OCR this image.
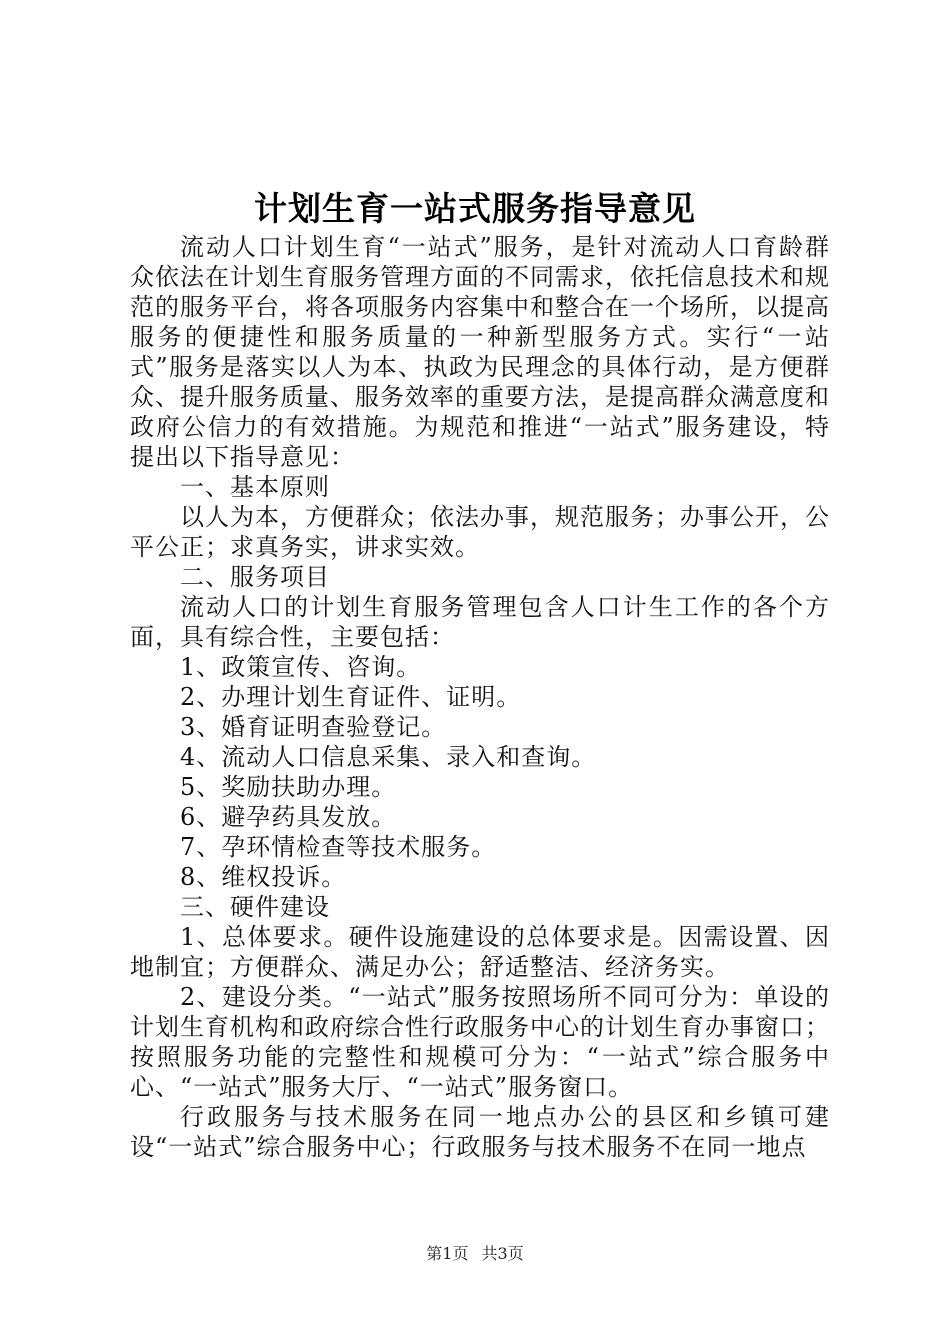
计划生育一站式服务指导意见

流动人口计划生育“一站式”服务，是针对流动人口育龄群众依法在计划生育服务管理方面的不同需求，依托信息技术和规范的服务平台，将各项服务内容集中和整合在一个场所，以提高服务的便捷性和服务质量的一种新型服务方式。实行“一站式”服务是落实以人为本、执政为民理念的具体行动，是方便群众、提升服务质量、服务效率的重要方法，是提高群众满意度和政府公信力的有效措施。为规范和推进“一站式”服务建设，特提出以下指导意见：

一、基本原则

以人为本，方便群众；依法办事，规范服务；办事公开，公平公正；求真务实，讲求实效。

二、服务项目

流动人口的计划生育服务管理包含人口计生工作的各个方面，具有综合性，主要包括：

1、政策宣传、咨询。

2、办理计划生育证件、证明。

3、婚育证明查验登记。

4、流动人口信息采集、录入和查询。

5、奖励扶助办理。

6、避孕药具发放。

7、孕环情检查等技术服务。

8、维权投诉。

三、硬件建设

1、总体要求。硬件设施建设的总体要求是。因需设置、因地制宜；方便群众、满足办公；舒适整洁、经济务实。

2、建设分类。“一站式”服务按照场所不同可分为：单设的计划生育机构和政府综合性行政服务中心的计划生育办事窗口；按照服务功能的完整性和规模可分为：“一站式”综合服务中心、“一站式”服务大厅、“一站式”服务窗口。

行政服务与技术服务在同一地点办公的县区和乡镇可建设“一站式”综合服务中心；行政服务与技术服务不在同一地点

第1页 共3页
